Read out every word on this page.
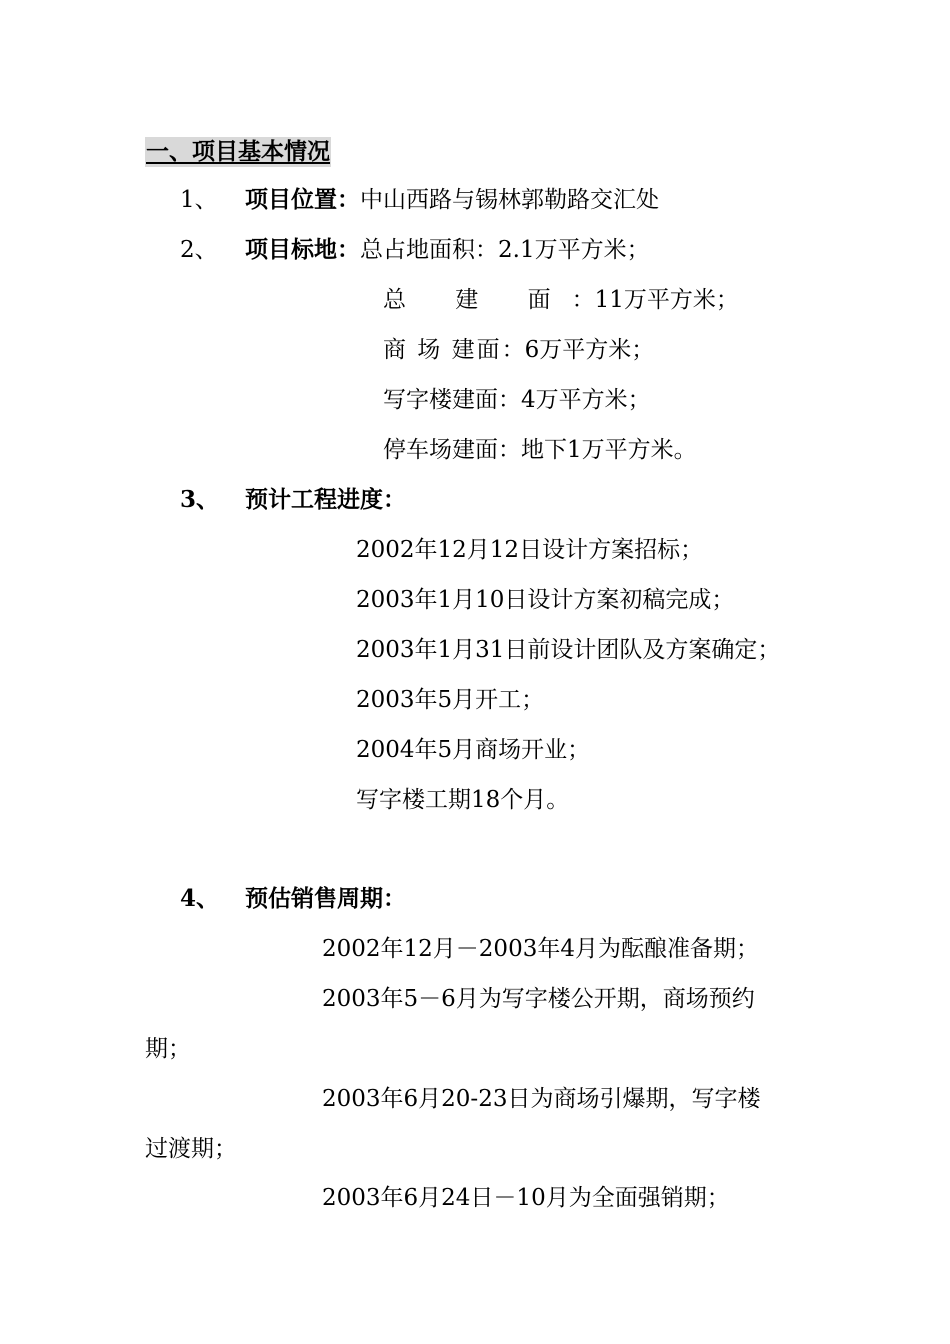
一、项目基本情况
1、 项目位置：中山西路与锡林郭勒路交汇处
2、 项目标地：总占地面积：2.1万平方米；
总 建 面：11万平方米；
商 场 建面：6万平方米；
写字楼建面：4万平方米；
停车场建面：地下1万平方米。
3、 预计工程进度：
2002年12月12日设计方案招标；
2003年1月10日设计方案初稿完成；
2003年1月31日前设计团队及方案确定；
2003年5月开工；
2004年5月商场开业；
写字楼工期18个月。
4、 预估销售周期：
2002年12月－2003年4月为酝酿准备期；
2003年5－6月为写字楼公开期，商场预约
期；
2003年6月20-23日为商场引爆期，写字楼
过渡期；
2003年6月24日－10月为全面强销期；
